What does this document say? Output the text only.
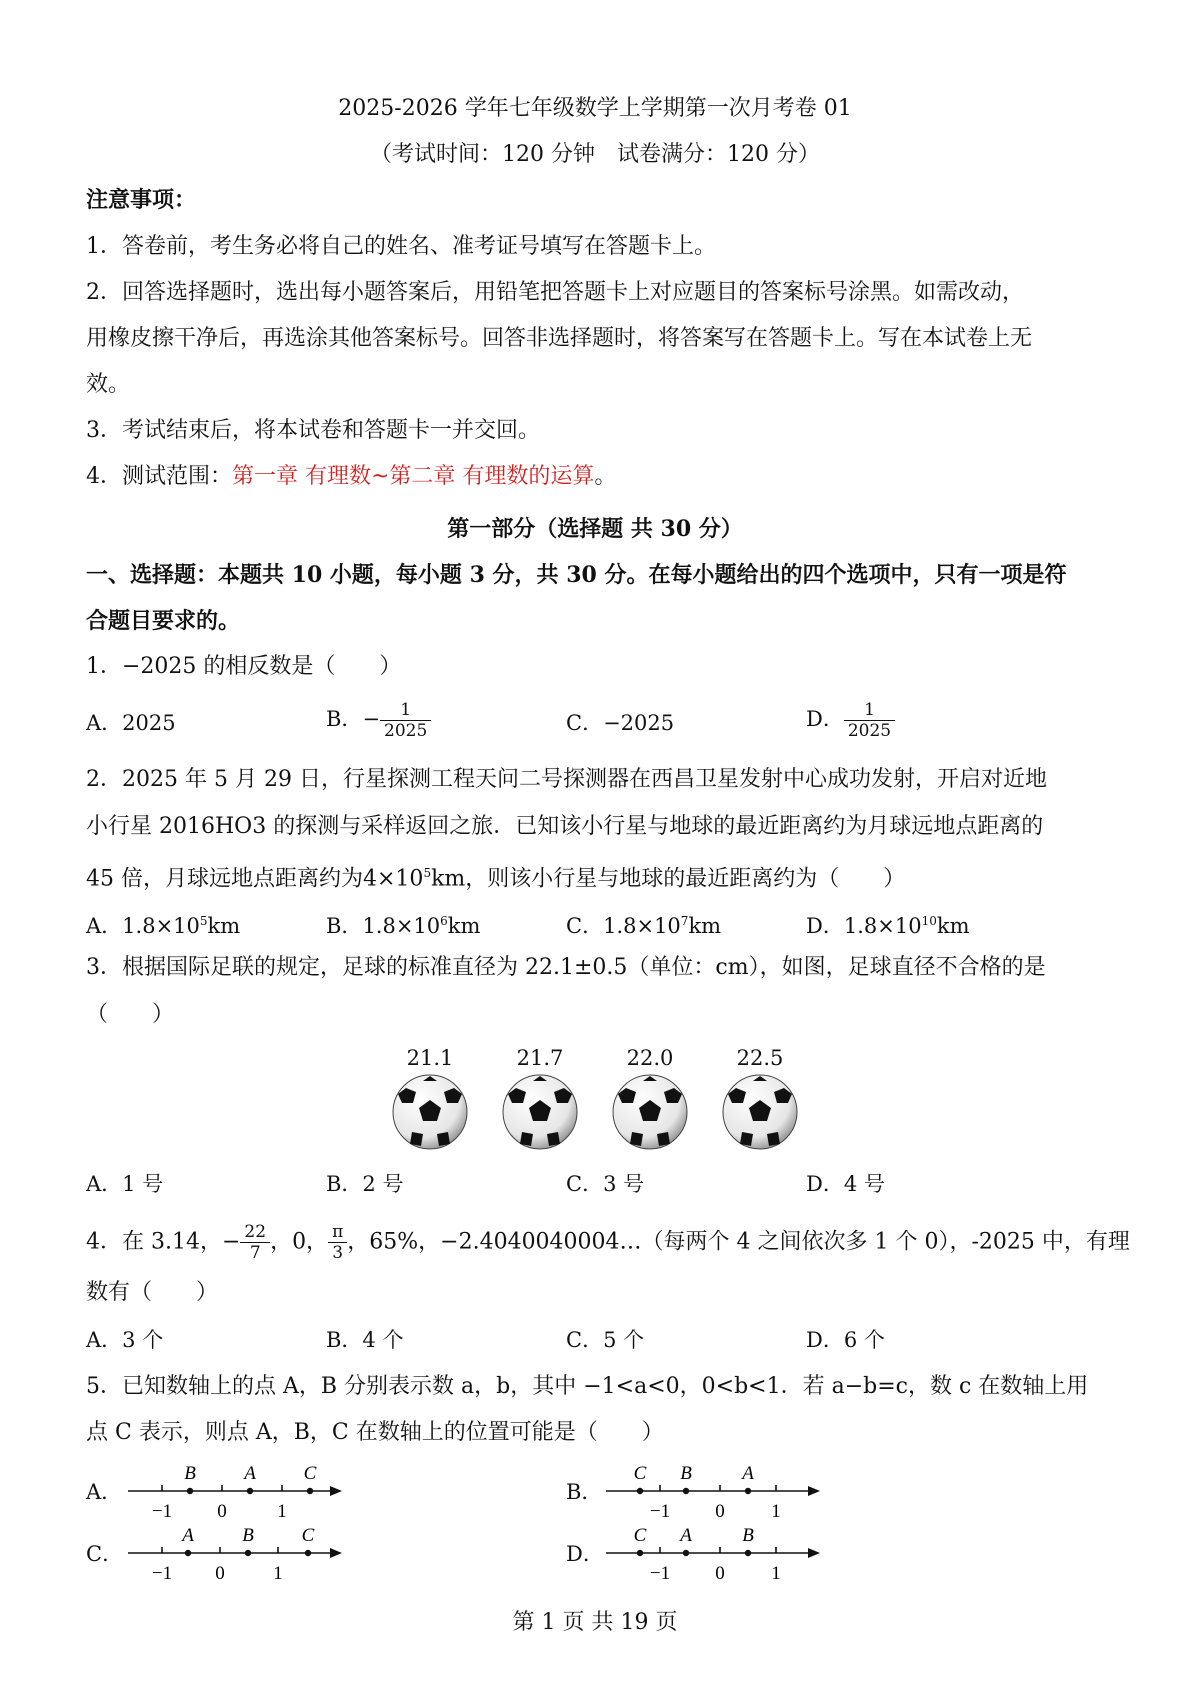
2025-2026 学年七年级数学上学期第一次月考卷 01
（考试时间：120 分钟　试卷满分：120 分）
注意事项：
1．答卷前，考生务必将自己的姓名、准考证号填写在答题卡上。
2．回答选择题时，选出每小题答案后，用铅笔把答题卡上对应题目的答案标号涂黑。如需改动，
用橡皮擦干净后，再选涂其他答案标号。回答非选择题时，将答案写在答题卡上。写在本试卷上无
效。
3．考试结束后，将本试卷和答题卡一并交回。
4．测试范围：第一章 有理数~第二章 有理数的运算。
第一部分（选择题 共 30 分）
一、选择题：本题共 10 小题，每小题 3 分，共 30 分。在每小题给出的四个选项中，只有一项是符
合题目要求的。
1．−2025 的相反数是（　　）
A．2025	B．− $\frac{1}{2025}$	C．−2025	D． $\frac{1}{2025}$
2．2025 年 5 月 29 日，行星探测工程天问二号探测器在西昌卫星发射中心成功发射，开启对近地
小行星 2016HO3 的探测与采样返回之旅．已知该小行星与地球的最近距离约为月球远地点距离的
45 倍，月球远地点距离约为$4\times 10^5km$，则该小行星与地球的最近距离约为（　　）
A．$1.8\times 10^5km$	B．$1.8\times 10^6km$	C．$1.8\times 10^7km$	D．$1.8\times 10^{10}km$
3．根据国际足联的规定，足球的标准直径为 22.1±0.5（单位：cm），如图，足球直径不合格的是
（　　）
21.1	21.7	22.0	22.5
A．1 号	B．2 号	C．3 号	D．4 号
4．在 3.14，− $\frac{22}{7}$ ，0， $\frac{\pi}{3}$ ，65%，−2.4040040004…（每两个 4 之间依次多 1 个 0），-2025 中，有理
数有（　　）
A．3 个	B．4 个	C．5 个	D．6 个
5．已知数轴上的点 A，B 分别表示数 a，b，其中 −1<a<0，0<b<1．若 a−b=c，数 c 在数轴上用
点 C 表示，则点 A，B，C 在数轴上的位置可能是（　　）
A．
−1 0	1
B	A	C
B．
−1 0 1
C B	A
C．
−1 0	1
A	B	C
D．
−1 0 1
C A	B
第 1 页 共 19 页
